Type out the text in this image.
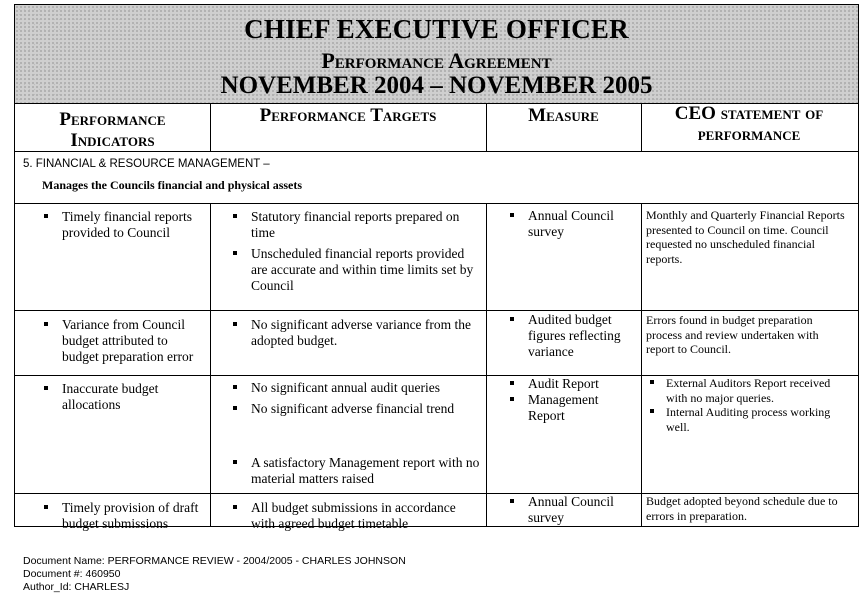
CHIEF EXECUTIVE OFFICER
Performance Agreement
NOVEMBER 2004 – NOVEMBER 2005
Performance Indicators
Performance Targets	Measure	CEO statement of performance
5. FINANCIAL & RESOURCE MANAGEMENT –
Manages the Councils financial and physical assets
Timely financial reports provided to Council
Statutory financial reports prepared on time
Unscheduled financial reports provided are accurate and within time limits set by Council
Annual Council survey
Monthly and Quarterly Financial Reports presented to Council on time. Council requested no unscheduled financial reports.
Variance from Council budget attributed to budget preparation error
No significant adverse variance from the adopted budget.
Audited budget figures reflecting variance
Errors found in budget preparation process and review undertaken with report to Council.
Inaccurate budget allocations
No significant annual audit queries
No significant adverse financial trend
A satisfactory Management report with no material matters raised
Audit Report
Management Report
External Auditors Report received with no major queries.
Internal Auditing process working well.
Timely provision of draft budget submissions
All budget submissions in accordance with agreed budget timetable
Annual Council survey
Budget adopted beyond schedule due to errors in preparation.
Document Name: PERFORMANCE REVIEW - 2004/2005 - CHARLES JOHNSON
Document #: 460950
Author_Id: CHARLESJ
